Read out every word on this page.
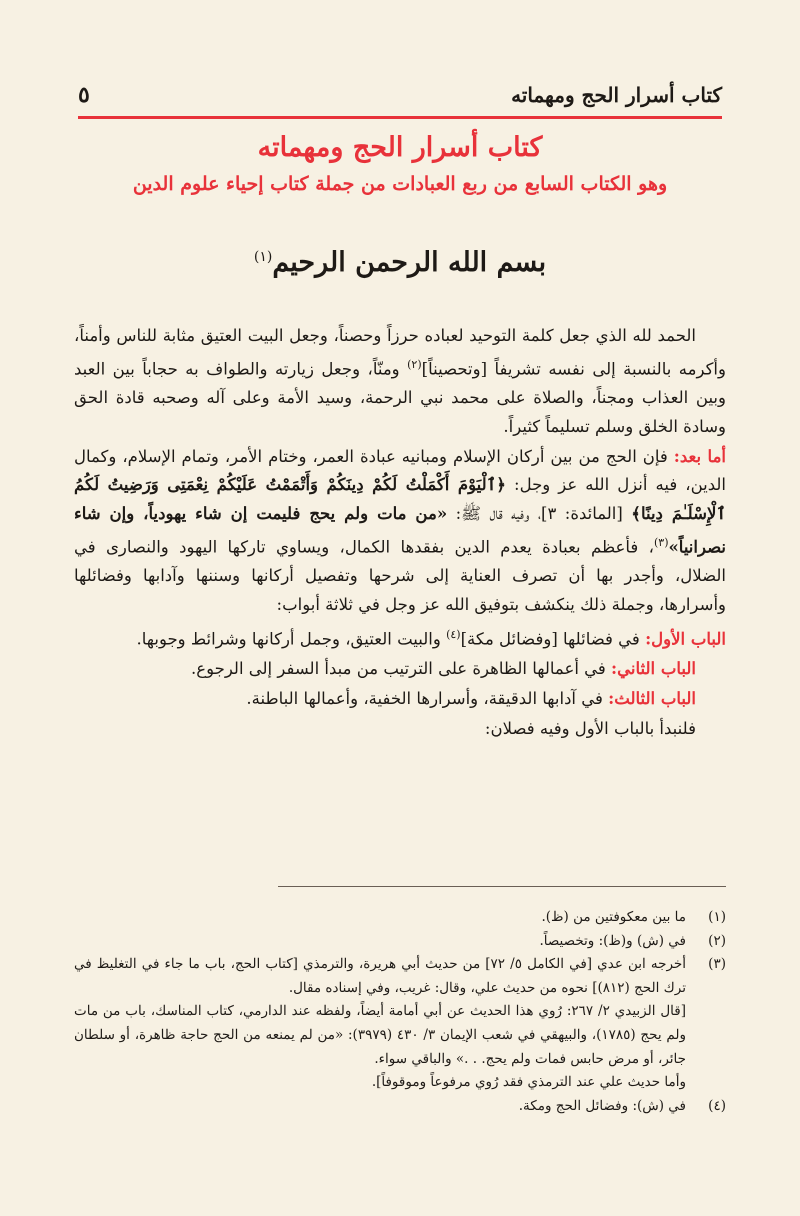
كتاب أسرار الحج ومهماته
٥
كتاب أسرار الحج ومهماته
وهو الكتاب السابع من ربع العبادات من جملة كتاب إحياء علوم الدين
بسم الله الرحمن الرحيم$^{(١)}$

الحمد لله الذي جعل كلمة التوحيد لعباده حرزاً وحصناً، وجعل البيت العتيق مثابة للناس وأمناً، وأكرمه بالنسبة إلى نفسه تشريفاً [وتحصيناً]$^{(٢)}$ ومنّاً، وجعل زيارته والطواف به حجاباً بين العبد وبين العذاب ومجناً، والصلاة على محمد نبي الرحمة، وسيد الأمة وعلى آله وصحبه قادة الحق وسادة الخلق وسلم تسليماً كثيراً.

أما بعد: فإن الحج من بين أركان الإسلام ومبانيه عبادة العمر، وختام الأمر، وتمام الإسلام، وكمال الدين، فيه أنزل الله عز وجل: ﴿ٱلْيَوْمَ أَكْمَلْتُ لَكُمْ دِينَكُمْ وَأَتْمَمْتُ عَلَيْكُمْ نِعْمَتِى وَرَضِيتُ لَكُمُ ٱلْإِسْلَـٰمَ دِينًا﴾ [المائدة: ٣]، وفيه قال ﷺ: «من مات ولم يحج فليمت إن شاء يهودياً، وإن شاء نصرانياً»$^{(٣)}$، فأعظم بعبادة يعدم الدين بفقدها الكمال، ويساوي تاركها اليهود والنصارى في الضلال، وأجدر بها أن تصرف العناية إلى شرحها وتفصيل أركانها وسننها وآدابها وفضائلها وأسرارها، وجملة ذلك ينكشف بتوفيق الله عز وجل في ثلاثة أبواب:

الباب الأول: في فضائلها [وفضائل مكة]$^{(٤)}$ والبيت العتيق، وجمل أركانها وشرائط وجوبها.

الباب الثاني: في أعمالها الظاهرة على الترتيب من مبدأ السفر إلى الرجوع.

الباب الثالث: في آدابها الدقيقة، وأسرارها الخفية، وأعمالها الباطنة.

فلنبدأ بالباب الأول وفيه فصلان:

(١)
ما بين معكوفتين من (ظ).
(٢)
في (ش) و(ظ): وتخصيصاً.
(٣)
أخرجه ابن عدي [في الكامل ٥/ ٧٢] من حديث أبي هريرة، والترمذي [كتاب الحج، باب ما جاء في التغليظ في ترك الحج (٨١٢)] نحوه من حديث علي، وقال: غريب، وفي إسناده مقال.
[قال الزبيدي ٢/ ٢٦٧: رُوي هذا الحديث عن أبي أمامة أيضاً، ولفظه عند الدارمي، كتاب المناسك، باب من مات ولم يحج (١٧٨٥)، والبيهقي في شعب الإيمان ٣/ ٤٣٠ (٣٩٧٩): «من لم يمنعه من الحج حاجة ظاهرة، أو سلطان جائر، أو مرض حابس فمات ولم يحج. . .» والباقي سواء.
وأما حديث علي عند الترمذي فقد رُوي مرفوعاً وموقوفاً].
(٤)
في (ش): وفضائل الحج ومكة.
